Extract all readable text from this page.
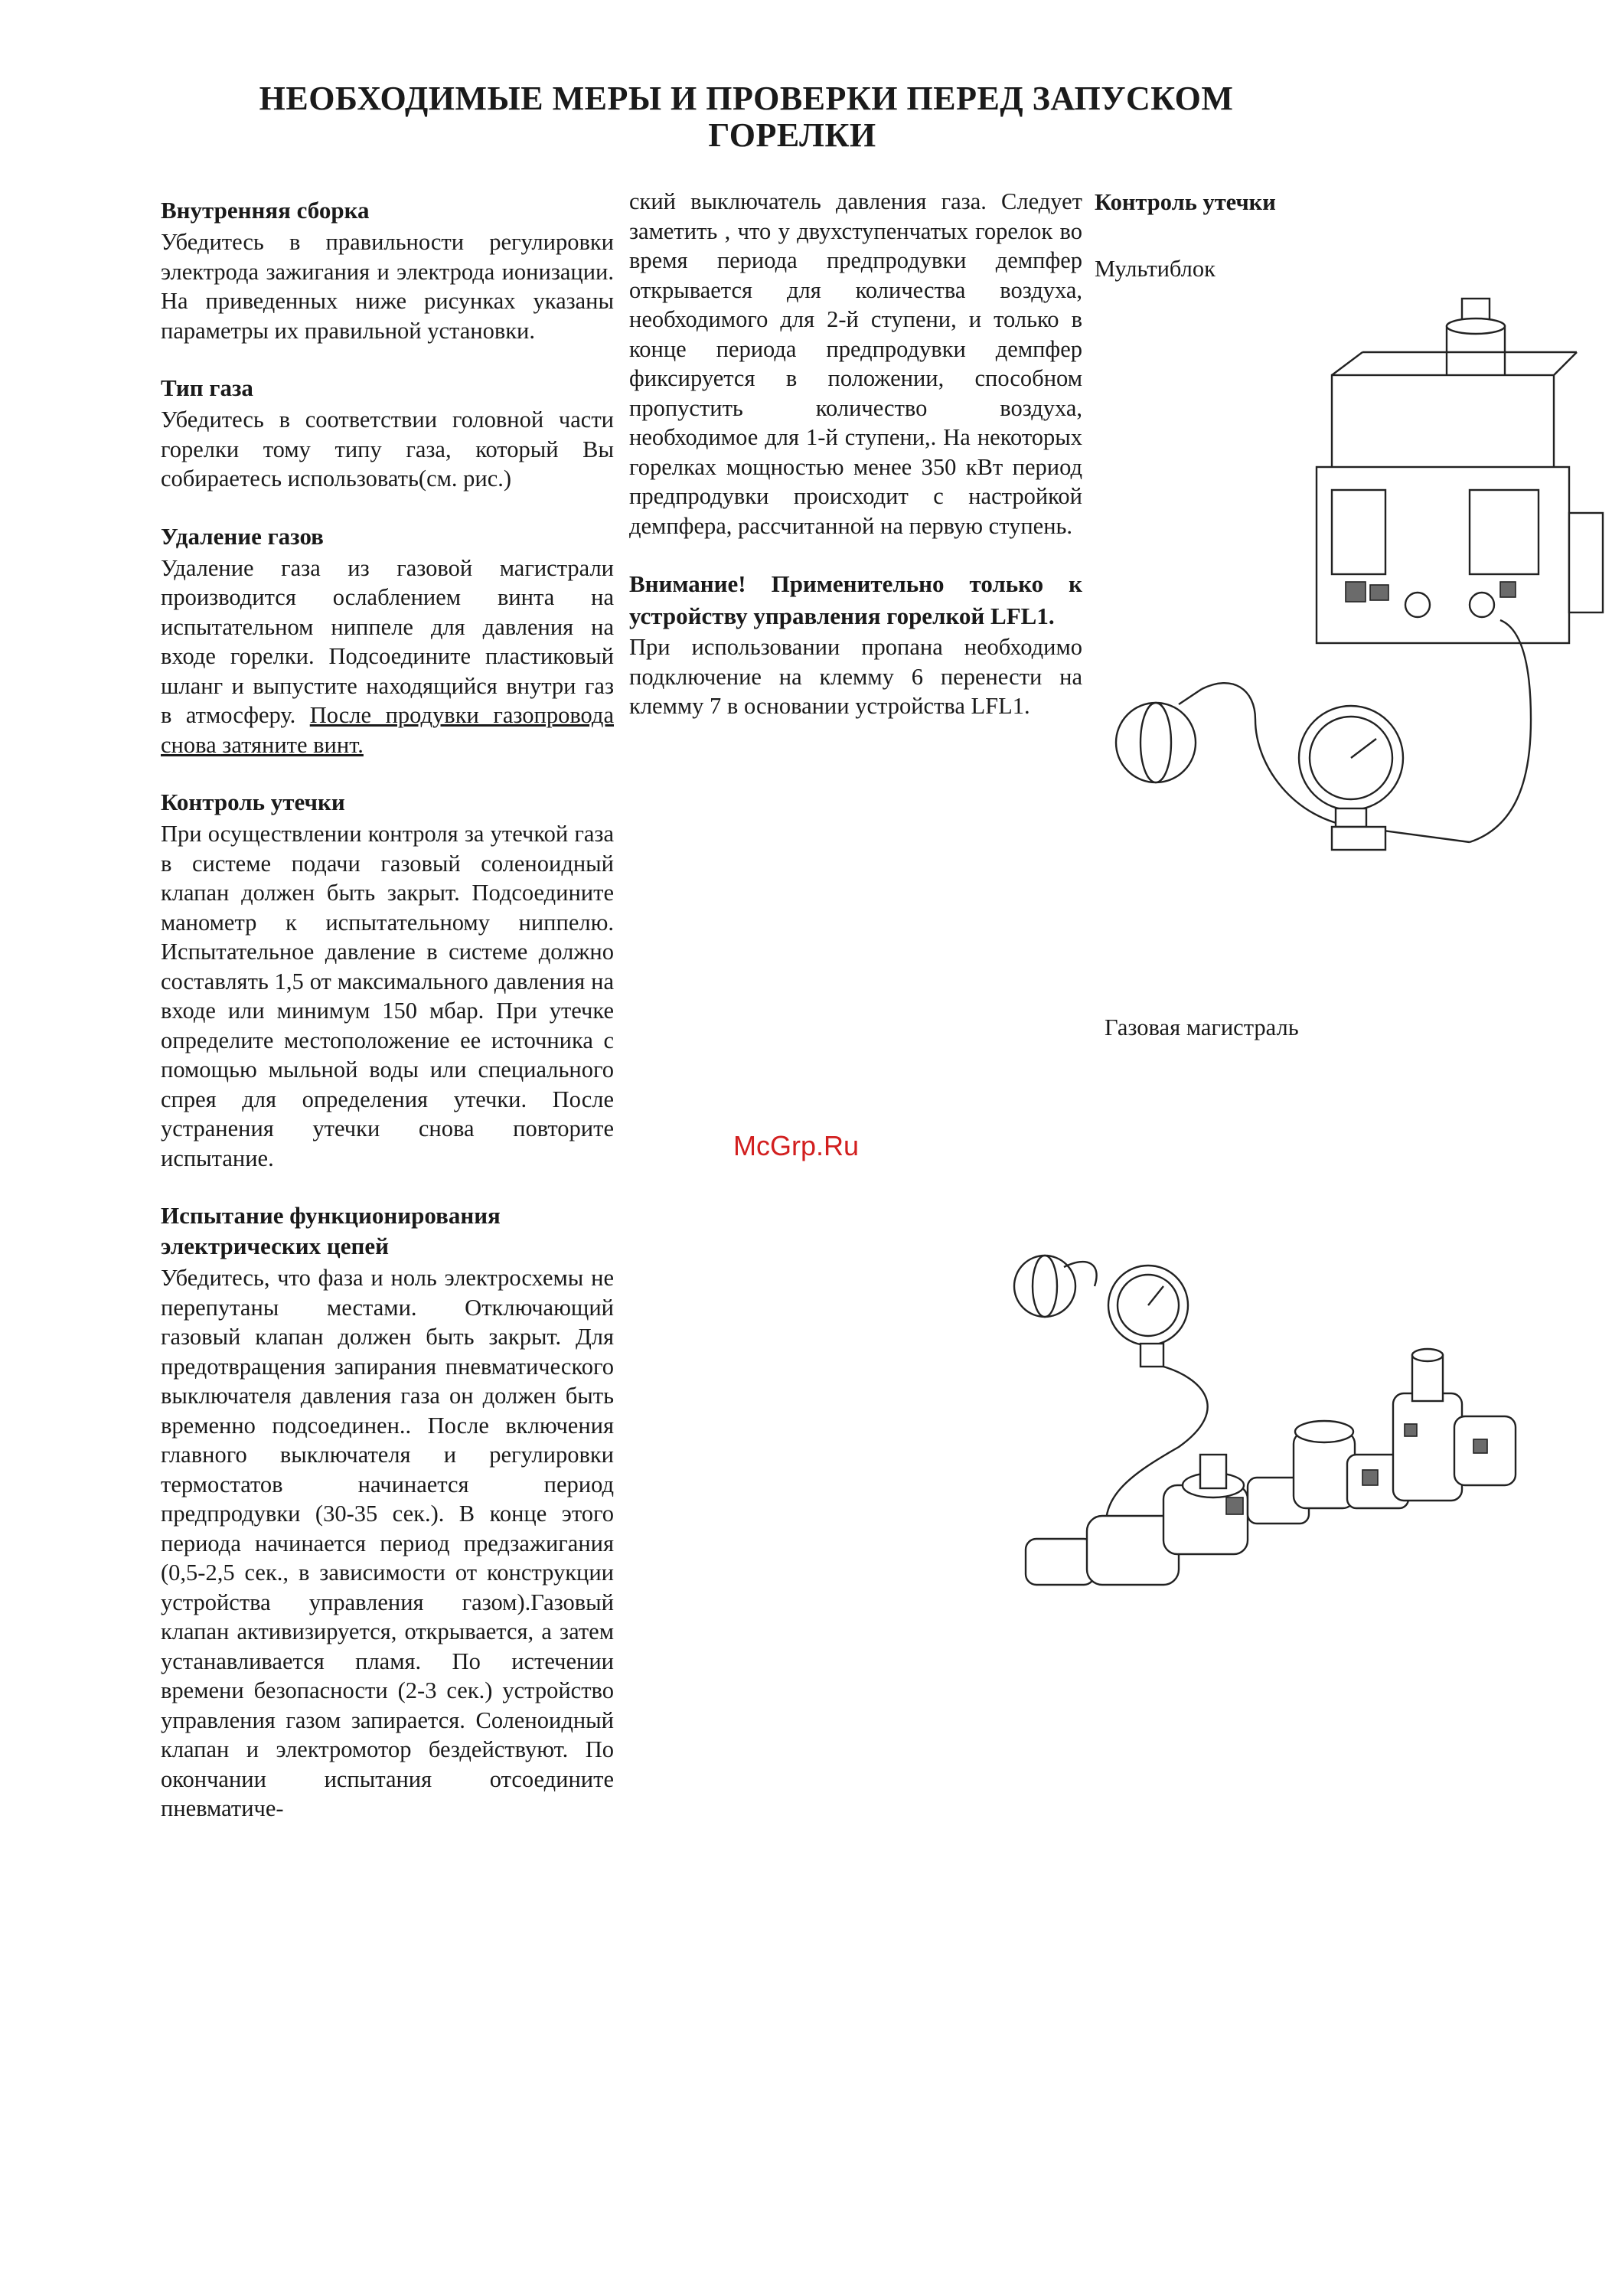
НЕОБХОДИМЫЕ МЕРЫ И ПРОВЕРКИ ПЕРЕД ЗАПУСКОМ
ГОРЕЛКИ
Внутренняя сборка

Убедитесь в правильности регулировки электрода зажигания и электрода ионизации. На приведенных ниже рисунках указаны параметры их правильной установки.

Тип газа

Убедитесь в соответствии головной части горелки тому типу газа, который Вы собираетесь использовать(см. рис.)

Удаление газов

Удаление газа из газовой магистрали производится ослаблением винта на испытательном ниппеле для давления на входе горелки. Подсоедините пластиковый шланг и выпустите находящийся внутри газ в атмосферу. После продувки газопровода снова затяните винт.

Контроль утечки

При осуществлении контроля за утечкой газа в системе подачи газовый соленоидный клапан должен быть закрыт. Подсоедините манометр к испытательному ниппелю. Испытательное давление в системе должно составлять 1,5 от максимального давления на входе или минимум 150 мбар. При утечке определите местоположение ее источника с помощью мыльной воды или специального спрея для определения утечки. После устранения утечки снова повторите испытание.

Испытание функционирования электрических цепей

Убедитесь, что фаза и ноль электросхемы не перепутаны местами. Отключающий газовый клапан должен быть закрыт. Для предотвращения запирания пневматического выключателя давления газа он должен быть временно подсоединен.. После включения главного выключателя и регулировки термостатов начинается период предпродувки (30-35 сек.). В конце этого периода начинается период предзажигания (0,5-2,5 сек., в зависимости от конструкции устройства управления газом).Газовый клапан активизируется, открывается, а затем устанавливается пламя. По истечении времени безопасности (2-3 сек.) устройство управления газом запирается. Соленоидный клапан и электромотор бездействуют. По окончании испытания отсоедините пневматиче-

ский выключатель давления газа. Следует заметить , что у двухступенчатых горелок во время периода предпродувки демпфер открывается для количества воздуха, необходимого для 2-й ступени, и только в конце периода предпродувки демпфер фиксируется в положении, способном пропустить количество воздуха, необходимое для 1-й ступени,. На некоторых горелках мощностью менее 350 кВт период предпродувки происходит с настройкой демпфера, рассчитанной на первую ступень.

Внимание! Применительно только к устройству управления горелкой LFL1.

При использовании пропана необходимо подключение на клемму 6 перенести на клемму 7 в основании устройства LFL1.

Контроль утечки
Мультиблок
Газовая магистраль
McGrp.Ru
